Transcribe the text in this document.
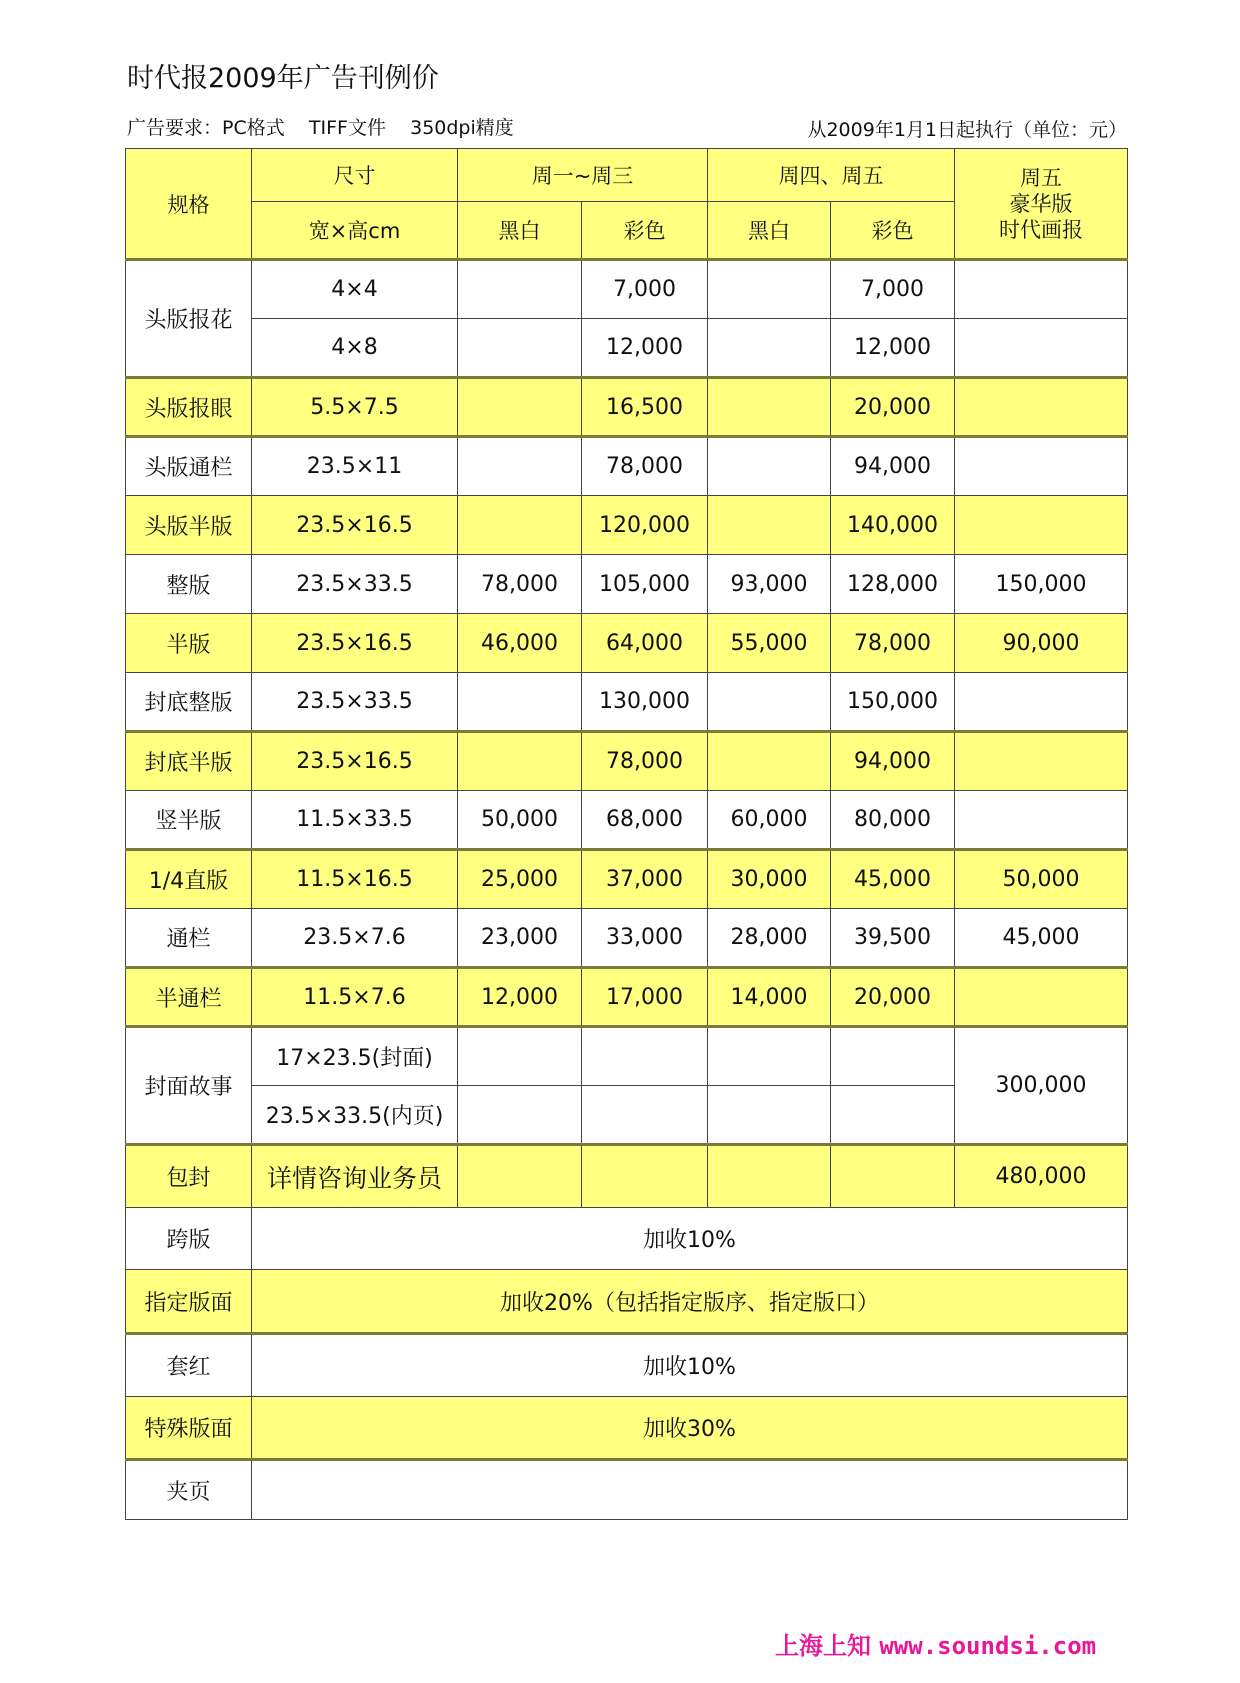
时代报2009年广告刊例价
广告要求：PC格式    TIFF文件    350dpi精度	从2009年1月1日起执行（单位：元）
规格	尺寸	周一~周三		周四、周五		周五
豪华版
时代画报

	宽×高cm	黑白	彩色	黑白	彩色	
头版报花	4×4		7,000		7,000	
	4×8		12,000		12,000	
头版报眼	5.5×7.5		16,500		20,000	
头版通栏	23.5×11		78,000		94,000	
头版半版	23.5×16.5		120,000		140,000	
整版	23.5×33.5	78,000	105,000	93,000	128,000	150,000
半版	23.5×16.5	46,000	64,000	55,000	78,000	90,000
封底整版	23.5×33.5		130,000		150,000	
封底半版	23.5×16.5		78,000		94,000	
竖半版	11.5×33.5	50,000	68,000	60,000	80,000	
1/4直版	11.5×16.5	25,000	37,000	30,000	45,000	50,000
通栏	23.5×7.6	23,000	33,000	28,000	39,500	45,000
半通栏	11.5×7.6	12,000	17,000	14,000	20,000	
封面故事	17×23.5(封面)					300,000
	23.5×33.5(内页)					
包封	详情咨询业务员					480,000
跨版	加收10%					
指定版面	加收20%（包括指定版序、指定版口）					
套红	加收10%					
特殊版面	加收30%					
夹页						
上海上知 www.soundsi.com
